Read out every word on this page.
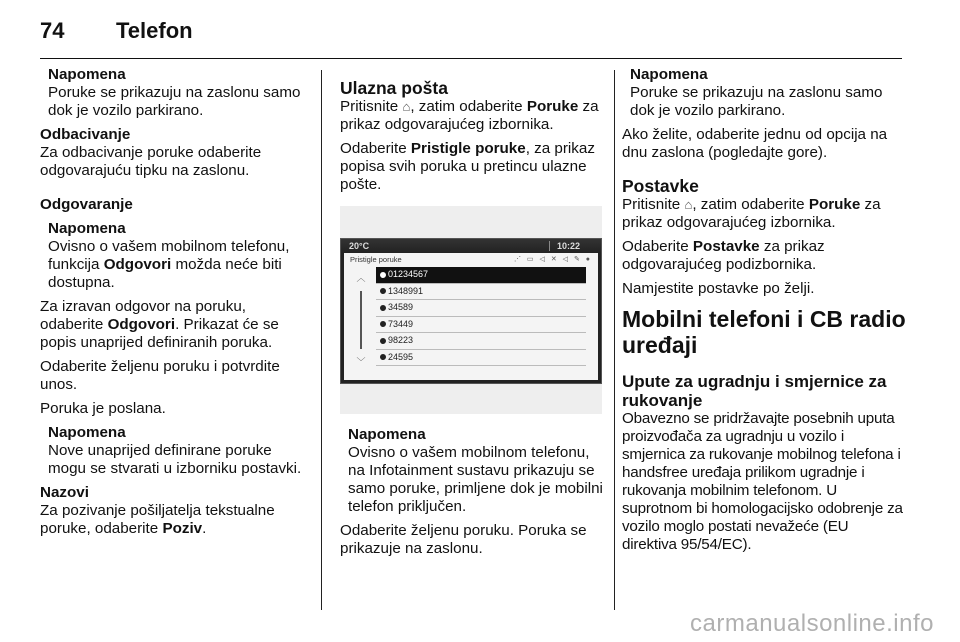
74 Telefon
Napomena
Poruke se prikazuju na zaslonu samo dok je vozilo parkirano.

Odbacivanje

Za odbacivanje poruke odaberite odgovarajuću tipku na zaslonu.

Odgovaranje

Napomena
Ovisno o vašem mobilnom telefonu, funkcija Odgovori možda neće biti dostupna.

Za izravan odgovor na poruku, odaberite Odgovori. Prikazat će se popis unaprijed definiranih poruka.

Odaberite željenu poruku i potvrdite unos.

Poruka je poslana.

Napomena
Nove unaprijed definirane poruke mogu se stvarati u izborniku postavki.

Nazovi

Za pozivanje pošiljatelja tekstualne poruke, odaberite Poziv.

Ulazna pošta

Pritisnite ⌂, zatim odaberite Poruke za prikaz odgovarajućeg izbornika.

Odaberite Pristigle poruke, za prikaz popisa svih poruka u pretincu ulazne pošte.

20°C	10:22
Pristigle poruke	⋰ ▭ ◁ ✕ ◁ ✎ ●
︿
﹀
01234567
1348991
34589
73449
98223
24595
Napomena
Ovisno o vašem mobilnom telefonu, na Infotainment sustavu prikazuju se samo poruke, primljene dok je mobilni telefon priključen.

Odaberite željenu poruku. Poruka se prikazuje na zaslonu.

Napomena
Poruke se prikazuju na zaslonu samo dok je vozilo parkirano.

Ako želite, odaberite jednu od opcija na dnu zaslona (pogledajte gore).

Postavke

Pritisnite ⌂, zatim odaberite Poruke za prikaz odgovarajućeg izbornika.

Odaberite Postavke za prikaz odgovarajućeg podizbornika.

Namjestite postavke po želji.

Mobilni telefoni i CB radio uređaji

Upute za ugradnju i smjernice za rukovanje

Obavezno se pridržavajte posebnih uputa proizvođača za ugradnju u vozilo i smjernica za rukovanje mobilnog telefona i handsfree uređaja prilikom ugradnje i rukovanja mobilnim telefonom. U suprotnom bi homologacijsko odobrenje za vozilo moglo postati nevažeće (EU direktiva 95/54/EC).

carmanualsonline.info
